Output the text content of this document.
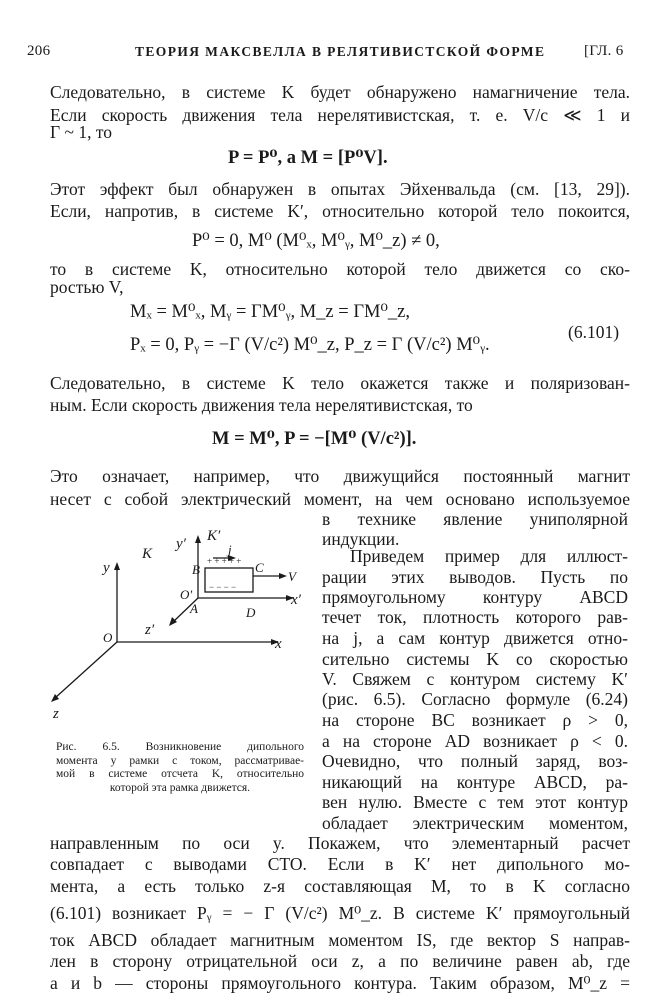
206	ТЕОРИЯ МАКСВЕЛЛА В РЕЛЯТИВИСТСКОЙ ФОРМЕ	[ГЛ. 6
Следовательно, в системе K будет обнаружено намагничение тела.
Если скорость движения тела нерелятивистская, т. е. V/c ≪ 1 и
Γ ~ 1, то
P = P⁰, а M = [P⁰V].
Этот эффект был обнаружен в опытах Эйхенвальда (см. [13, 29]).
Если, напротив, в системе K′, относительно которой тело покоится,
P⁰ = 0, M⁰ (M⁰ₓ, M⁰ᵧ, M⁰_z) ≠ 0,
то в системе K, относительно которой тело движется со ско-
ростью V,
Mₓ = M⁰ₓ, Mᵧ = ΓM⁰ᵧ, M_z = ΓM⁰_z,
Pₓ = 0, Pᵧ = −Γ (V/c²) M⁰_z, P_z = Γ (V/c²) M⁰ᵧ.
(6.101)
Следовательно, в системе K тело окажется также и поляризован-
ным. Если скорость движения тела нерелятивистская, то
M = M⁰, P = −[M⁰ (V/c²)].
Это означает, например, что движущийся постоянный магнит
несет с собой электрический момент, на чем основано используемое
в технике явление униполярной
индукции.
Приведем пример для иллюст-
рации этих выводов. Пусть по
прямоугольному контуру ABCD
течет ток, плотность которого рав-
на j, а сам контур движется отно-
сительно системы K со скоростью
V. Свяжем с контуром систему K′
(рис. 6.5). Согласно формуле (6.24)
на стороне BC возникает ρ > 0,
а на стороне AD возникает ρ < 0.
Очевидно, что полный заряд, воз-
никающий на контуре ABCD, ра-
вен нулю. Вместе с тем этот контур
обладает электрическим моментом,
направленным по оси y. Покажем, что элементарный расчет
совпадает с выводами СТО. Если в K′ нет дипольного мо-
мента, а есть только z-я составляющая M, то в K согласно
(6.101) возникает Pᵧ = − Γ (V/c²) M⁰_z. В системе K′ прямоугольный
ток ABCD обладает магнитным моментом IS, где вектор S направ-
лен в сторону отрицательной оси z, а по величине равен ab, где
a и b — стороны прямоугольного контура. Таким образом, M⁰_z =
K
K′
y
y′
x
x′
z
z′
O
O′
A
B	C
D
V
j
+ + + + +
− − − −
Рис. 6.5. Возникновение дипольного
момента у рамки с током, рассматривае-
мой в системе отсчета K, относительно
которой эта рамка движется.
